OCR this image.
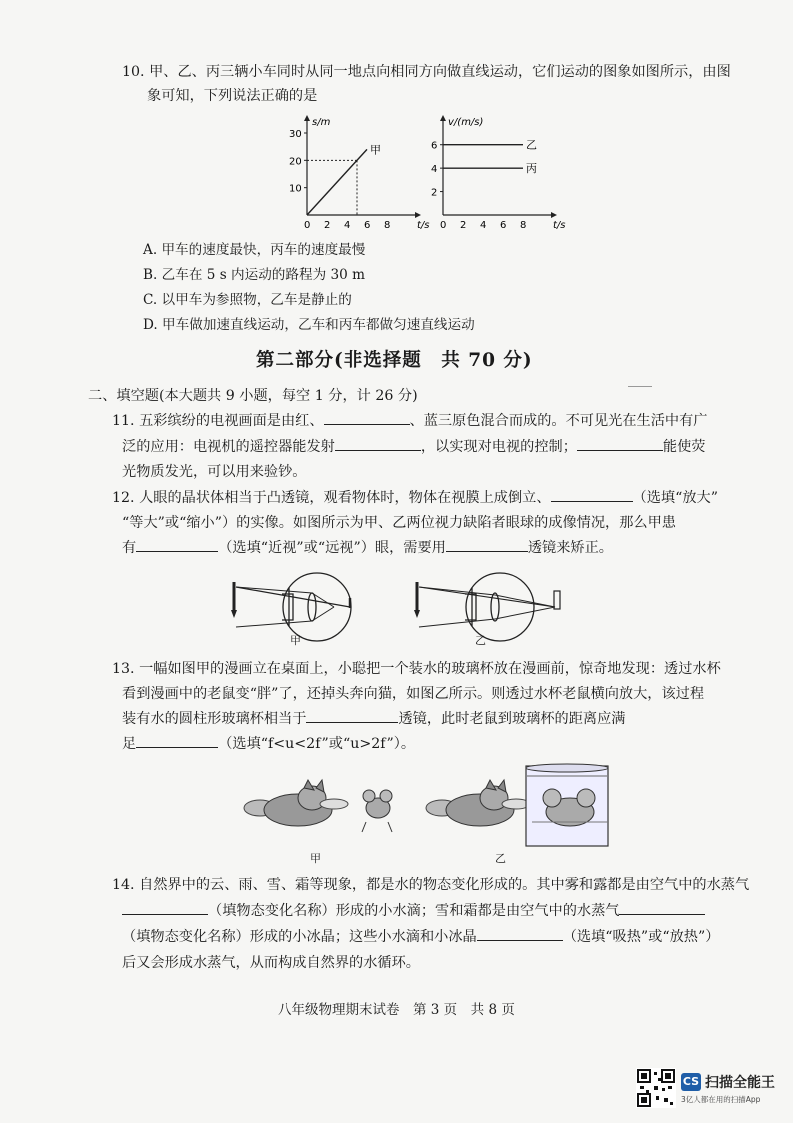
10. 甲、乙、丙三辆小车同时从同一地点向相同方向做直线运动，它们运动的图象如图所示，由图
象可知，下列说法正确的是
s/m
t/s
0 2 4 6 8
10
20
30
甲
v/(m/s)
t/s
0 2 4 6 8
2
4
6	乙
丙
A. 甲车的速度最快，丙车的速度最慢
B. 乙车在 5 s 内运动的路程为 30 m
C. 以甲车为参照物，乙车是静止的
D. 甲车做加速直线运动，乙车和丙车都做匀速直线运动
第二部分(非选择题　共 70 分)
二、填空题(本大题共 9 小题，每空 1 分，计 26 分)
11. 五彩缤纷的电视画面是由红、	、蓝三原色混合而成的。不可见光在生活中有广
泛的应用：电视机的遥控器能发射	，以实现对电视的控制；	能使荧
光物质发光，可以用来验钞。
12. 人眼的晶状体相当于凸透镜，观看物体时，物体在视膜上成倒立、	（选填“放大”
“等大”或“缩小”）的实像。如图所示为甲、乙两位视力缺陷者眼球的成像情况，那么甲患
有	（选填“近视”或“远视”）眼，需要用	透镜来矫正。
甲	乙
13. 一幅如图甲的漫画立在桌面上，小聪把一个装水的玻璃杯放在漫画前，惊奇地发现：透过水杯
看到漫画中的老鼠变“胖”了，还掉头奔向猫，如图乙所示。则透过水杯老鼠横向放大，该过程
装有水的圆柱形玻璃杯相当于	透镜，此时老鼠到玻璃杯的距离应满
足	（选填“f<u<2f”或“u>2f”）。
甲	乙
14. 自然界中的云、雨、雪、霜等现象，都是水的物态变化形成的。其中雾和露都是由空气中的水蒸气
（填物态变化名称）形成的小水滴；雪和霜都是由空气中的水蒸气
（填物态变化名称）形成的小冰晶；这些小水滴和小冰晶	（选填“吸热”或“放热”）
后又会形成水蒸气，从而构成自然界的水循环。
八年级物理期末试卷　第 3 页　共 8 页
CS 扫描全能王
3亿人都在用的扫描App
